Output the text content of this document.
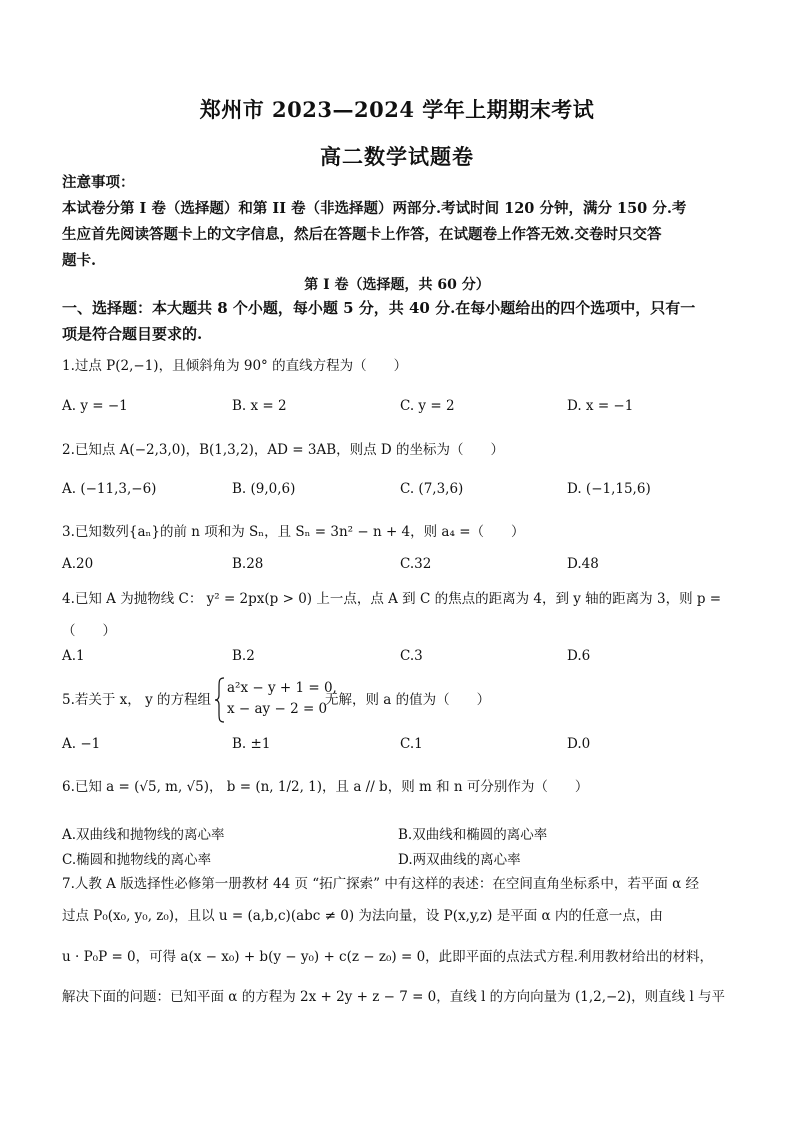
郑州市 2023—2024 学年上期期末考试
高二数学试题卷
注意事项：
本试卷分第 I 卷（选择题）和第 II 卷（非选择题）两部分.考试时间 120 分钟，满分 150 分.考
生应首先阅读答题卡上的文字信息，然后在答题卡上作答，在试题卷上作答无效.交卷时只交答
题卡.
第 I 卷（选择题，共 60 分）
一、选择题：本大题共 8 个小题，每小题 5 分，共 40 分.在每小题给出的四个选项中，只有一
项是符合题目要求的.
1.过点 P(2,−1)，且倾斜角为 90° 的直线方程为（　　）
A. y = −1	B. x = 2	C. y = 2	D. x = −1
2.已知点 A(−2,3,0)，B(1,3,2)，AD = 3AB，则点 D 的坐标为（　　）
A. (−11,3,−6)	B. (9,0,6)	C. (7,3,6)	D. (−1,15,6)
3.已知数列{aₙ}的前 n 项和为 Sₙ，且 Sₙ = 3n² − n + 4，则 a₄ =（　　）
A.20	B.28	C.32	D.48
4.已知 A 为抛物线 C： y² = 2px(p > 0) 上一点，点 A 到 C 的焦点的距离为 4，到 y 轴的距离为 3，则 p =
（　　）
A.1	B.2	C.3	D.6
5.若关于 x， y 的方程组
a²x − y + 1 = 0,
x − ay − 2 = 0
无解，则 a 的值为（　　）
A. −1	B. ±1	C.1	D.0
6.已知 a = (√5, m, √5)， b = (n, 1/2, 1)，且 a // b，则 m 和 n 可分别作为（　　）
A.双曲线和抛物线的离心率	B.双曲线和椭圆的离心率
C.椭圆和抛物线的离心率	D.两双曲线的离心率
7.人教 A 版选择性必修第一册教材 44 页 “拓广探索” 中有这样的表述：在空间直角坐标系中，若平面 α 经
过点 P₀(x₀, y₀, z₀)，且以 u = (a,b,c)(abc ≠ 0) 为法向量，设 P(x,y,z) 是平面 α 内的任意一点，由
u · P₀P = 0，可得 a(x − x₀) + b(y − y₀) + c(z − z₀) = 0，此即平面的点法式方程.利用教材给出的材料，
解决下面的问题：已知平面 α 的方程为 2x + 2y + z − 7 = 0，直线 l 的方向向量为 (1,2,−2)，则直线 l 与平
